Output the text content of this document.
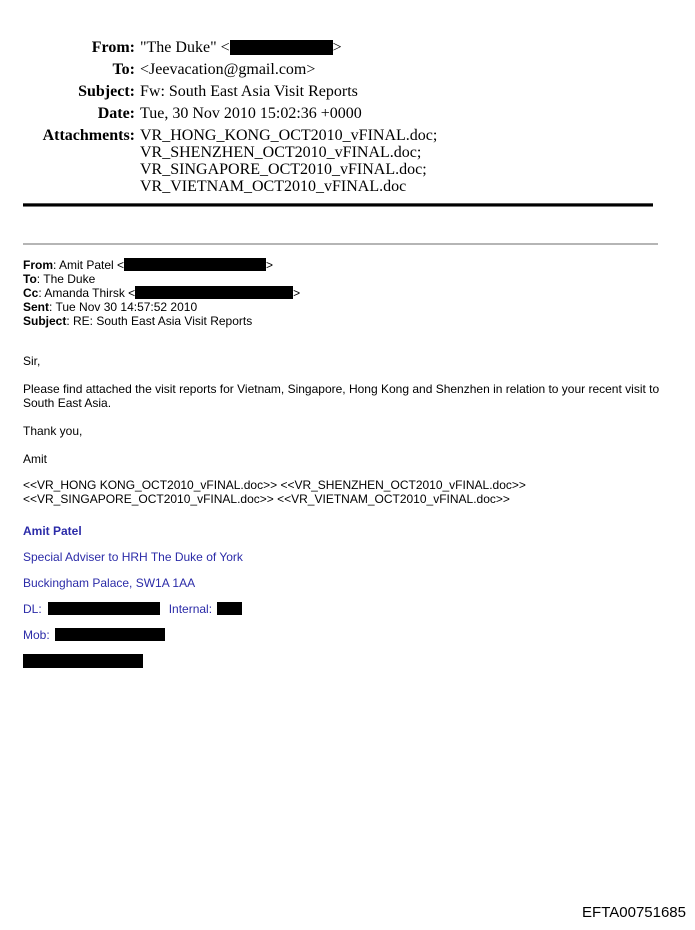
From: "The Duke" <	>
To: <Jeevacation@gmail.com>
Subject: Fw: South East Asia Visit Reports
Date: Tue, 30 Nov 2010 15:02:36 +0000
Attachments: VR_HONG_KONG_OCT2010_vFINAL.doc; VR_SHENZHEN_OCT2010_vFINAL.doc; VR_SINGAPORE_OCT2010_vFINAL.doc; VR_VIETNAM_OCT2010_vFINAL.doc
From: Amit Patel <	>
To: The Duke
Cc: Amanda Thirsk <	>
Sent: Tue Nov 30 14:57:52 2010
Subject: RE: South East Asia Visit Reports

Sir,

Please find attached the visit reports for Vietnam, Singapore, Hong Kong and Shenzhen in relation to your recent visit to South East Asia.

Thank you,

Amit

<<VR_HONG KONG_OCT2010_vFINAL.doc>> <<VR_SHENZHEN_OCT2010_vFINAL.doc>>
<<VR_SINGAPORE_OCT2010_vFINAL.doc>> <<VR_VIETNAM_OCT2010_vFINAL.doc>>

Amit Patel

Special Adviser to HRH The Duke of York

Buckingham Palace, SW1A 1AA

DL:	Internal:

Mob:

EFTA00751685
